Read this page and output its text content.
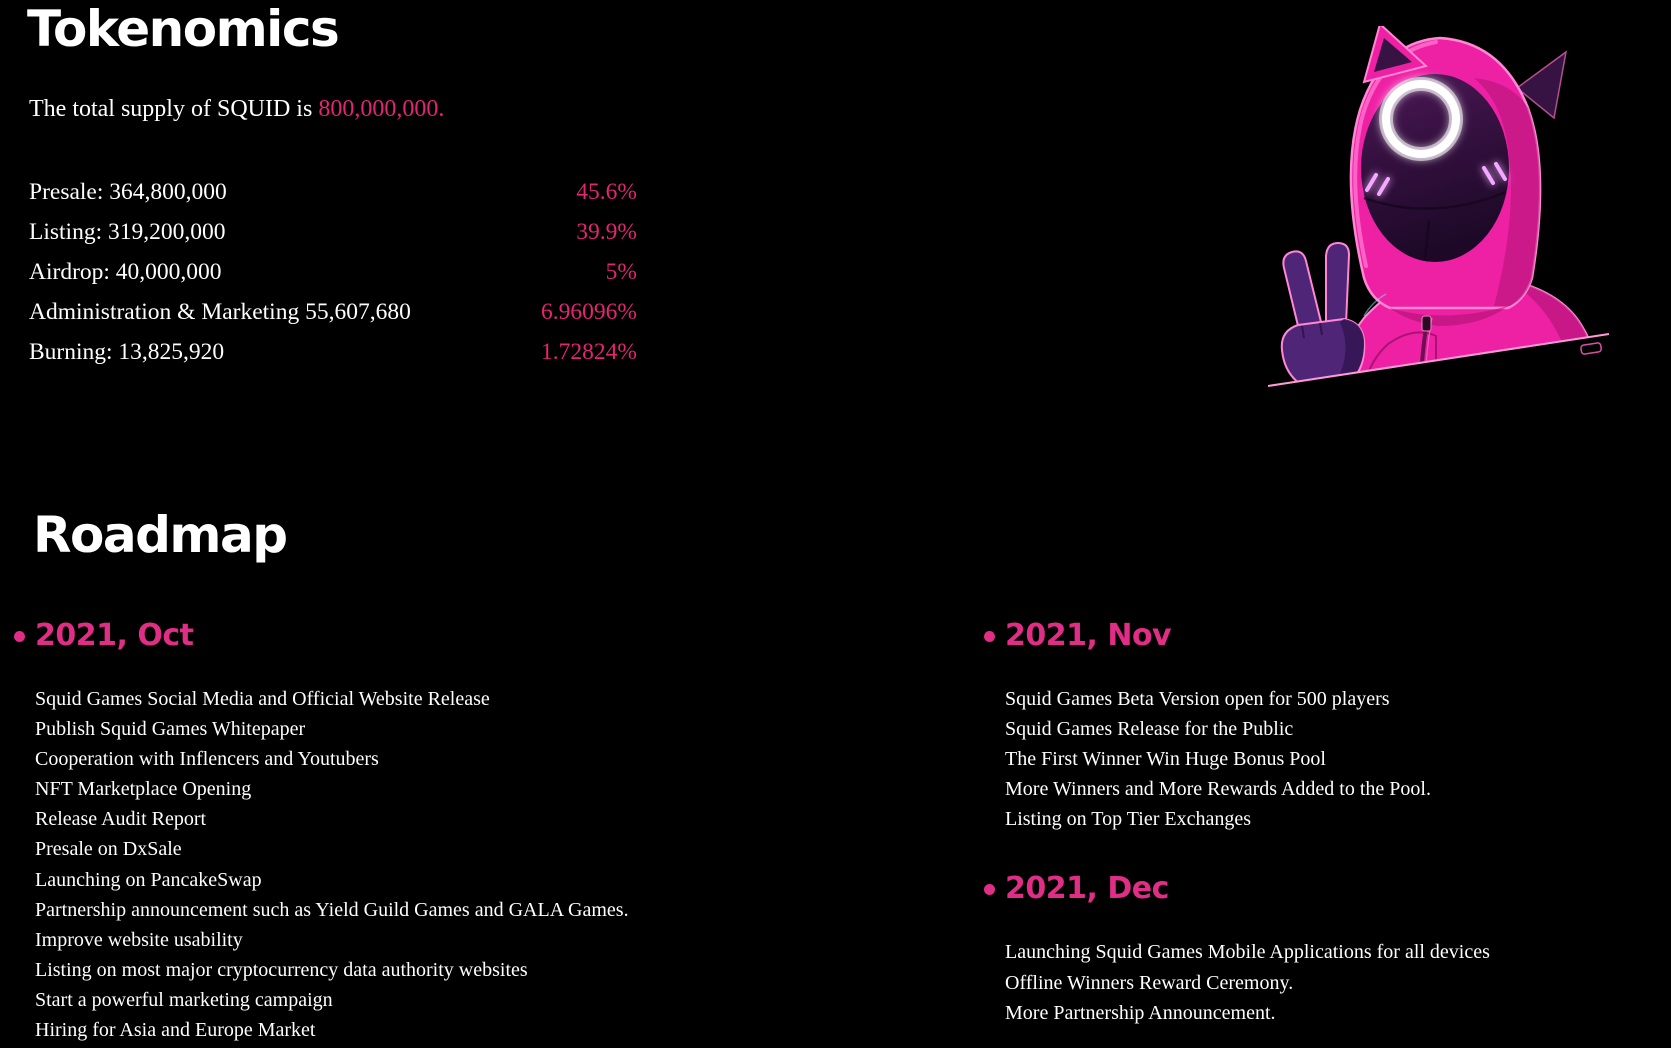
Tokenomics

The total supply of SQUID is 800,000,000.

Presale: 364,800,000	45.6%
Listing: 319,200,000	39.9%
Airdrop: 40,000,000	5%
Administration & Marketing 55,607,680	6.96096%
Burning: 13,825,920	1.72824%
Roadmap
2021, Oct
Squid Games Social Media and Official Website Release
Publish Squid Games Whitepaper
Cooperation with Inflencers and Youtubers
NFT Marketplace Opening
Release Audit Report
Presale on DxSale
Launching on PancakeSwap
Partnership announcement such as Yield Guild Games and GALA Games.
Improve website usability
Listing on most major cryptocurrency data authority websites
Start a powerful marketing campaign
Hiring for Asia and Europe Market
2021, Nov
Squid Games Beta Version open for 500 players
Squid Games Release for the Public
The First Winner Win Huge Bonus Pool
More Winners and More Rewards Added to the Pool.
Listing on Top Tier Exchanges
2021, Dec
Launching Squid Games Mobile Applications for all devices
Offline Winners Reward Ceremony.
More Partnership Announcement.
